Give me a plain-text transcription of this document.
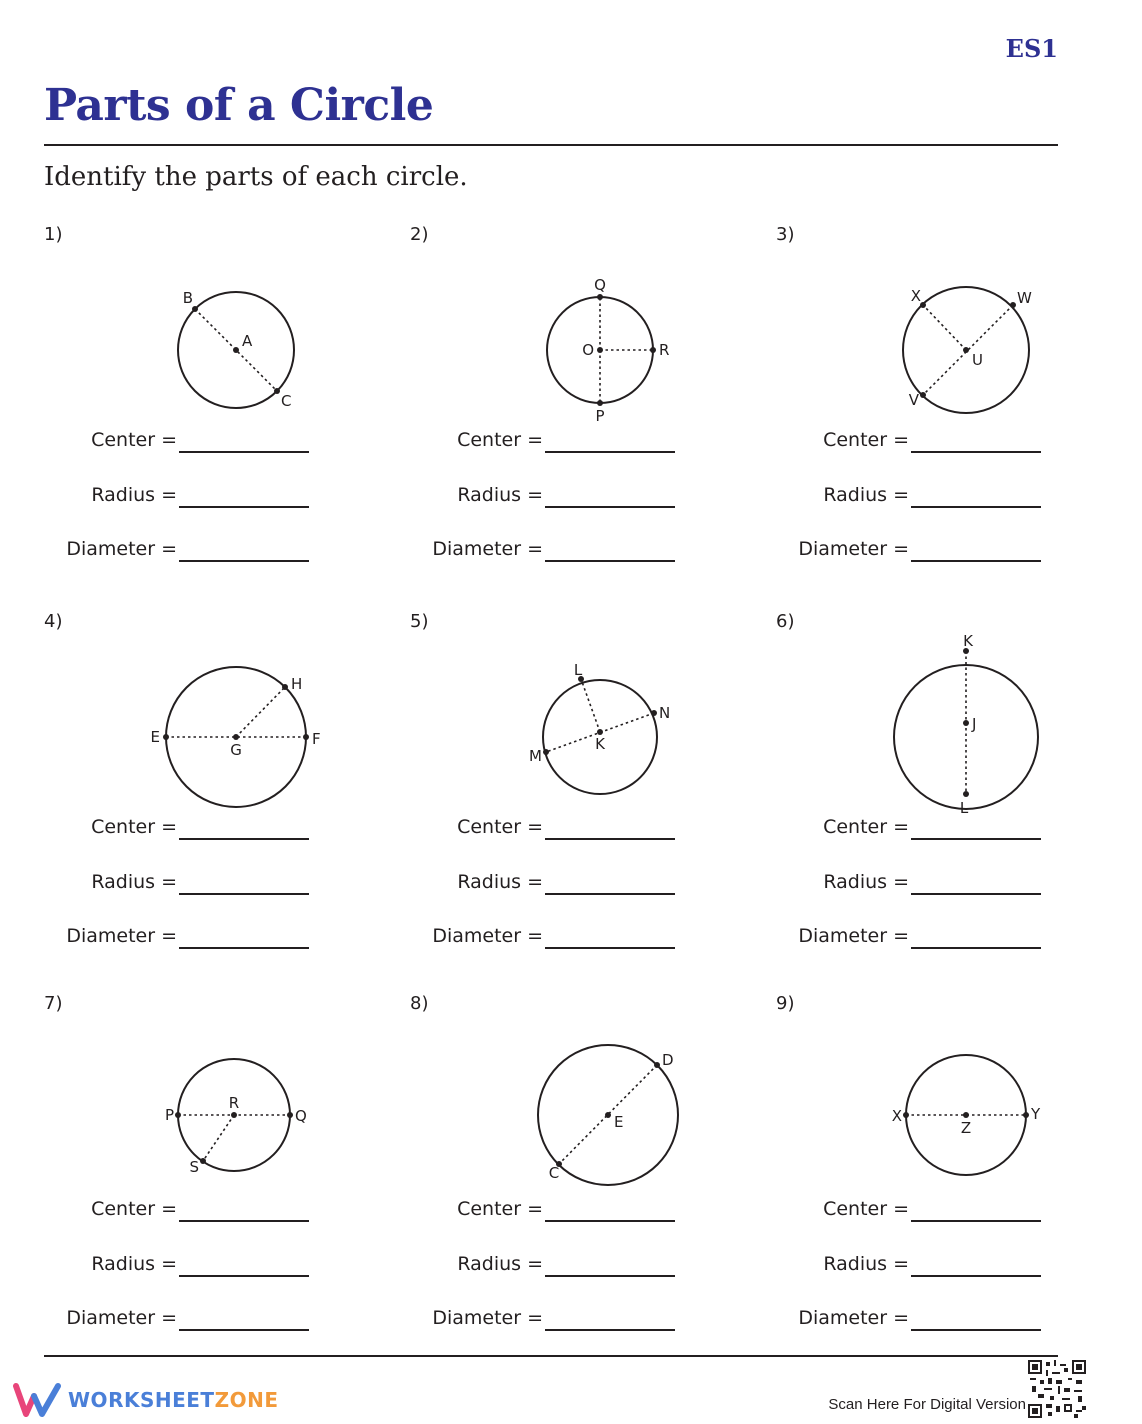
ES1
Parts of a Circle
Identify the parts of each circle.
1)
A
B
C
Center =
Radius =
Diameter =
2)
O
Q
R
P
Center =
Radius =
Diameter =
3)
U
X	W
V
Center =
Radius =
Diameter =
4)
G
H
E	F
Center =
Radius =
Diameter =
5)
K
L
N
M
Center =
Radius =
Diameter =
6)
J
K
L
Center =
Radius =
Diameter =
7)
R
P	Q
S
Center =
Radius =
Diameter =
8)
E
D
C
Center =
Radius =
Diameter =
9)
Z
X	Y
Center =
Radius =
Diameter =
WORKSHEETZONE	Scan Here For Digital Version
